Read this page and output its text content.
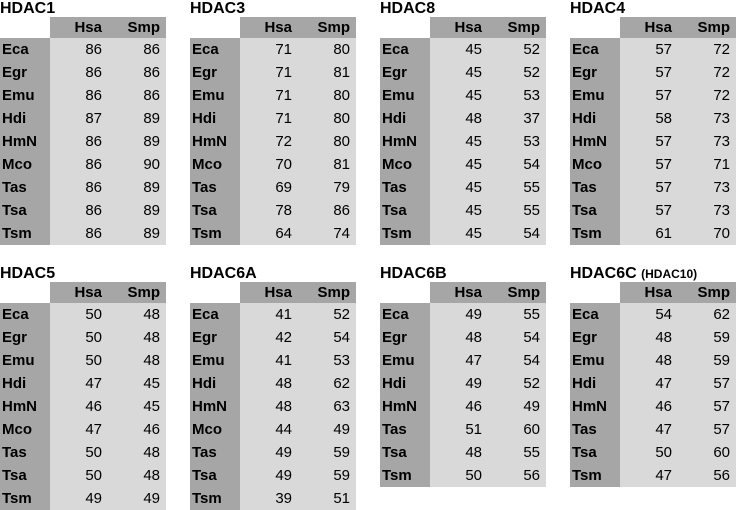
HDAC1
	Hsa	Smp
Eca	86	86
Egr	86	86
Emu	86	86
Hdi	87	89
HmN	86	89
Mco	86	90
Tas	86	89
Tsa	86	89
Tsm	86	89
HDAC3
	Hsa	Smp
Eca	71	80
Egr	71	81
Emu	71	80
Hdi	71	80
HmN	72	80
Mco	70	81
Tas	69	79
Tsa	78	86
Tsm	64	74
HDAC8
	Hsa	Smp
Eca	45	52
Egr	45	52
Emu	45	53
Hdi	48	37
HmN	45	53
Mco	45	54
Tas	45	55
Tsa	45	55
Tsm	45	54
HDAC4
	Hsa	Smp
Eca	57	72
Egr	57	72
Emu	57	72
Hdi	58	73
HmN	57	73
Mco	57	71
Tas	57	73
Tsa	57	73
Tsm	61	70
HDAC5
	Hsa	Smp
Eca	50	48
Egr	50	48
Emu	50	48
Hdi	47	45
HmN	46	45
Mco	47	46
Tas	50	48
Tsa	50	48
Tsm	49	49
HDAC6A
	Hsa	Smp
Eca	41	52
Egr	42	54
Emu	41	53
Hdi	48	62
HmN	48	63
Mco	44	49
Tas	49	59
Tsa	49	59
Tsm	39	51
HDAC6B
	Hsa	Smp
Eca	49	55
Egr	48	54
Emu	47	54
Hdi	49	52
HmN	46	49
Tas	51	60
Tsa	48	55
Tsm	50	56
HDAC6C (HDAC10)
	Hsa	Smp
Eca	54	62
Egr	48	59
Emu	48	59
Hdi	47	57
HmN	46	57
Tas	47	57
Tsa	50	60
Tsm	47	56
